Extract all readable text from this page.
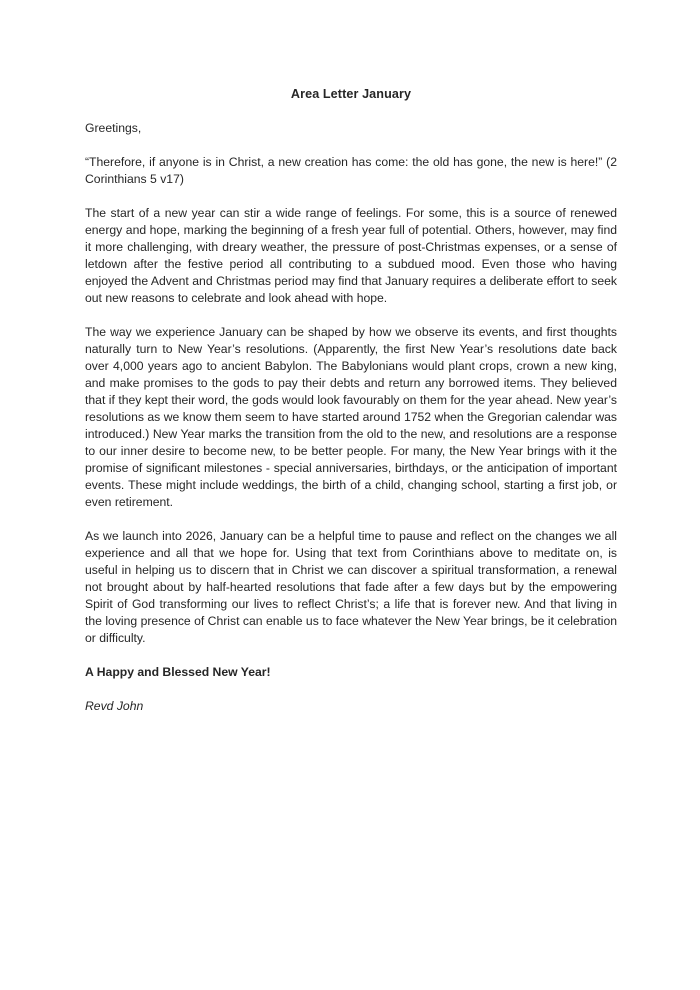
Area Letter January

Greetings,

“Therefore, if anyone is in Christ, a new creation has come: the old has gone, the new is here!” (2 Corinthians 5 v17)

The start of a new year can stir a wide range of feelings. For some, this is a source of renewed energy and hope, marking the beginning of a fresh year full of potential. Others, however, may find it more challenging, with dreary weather, the pressure of post-Christmas expenses, or a sense of letdown after the festive period all contributing to a subdued mood. Even those who having enjoyed the Advent and Christmas period may find that January requires a deliberate effort to seek out new reasons to celebrate and look ahead with hope.

The way we experience January can be shaped by how we observe its events, and first thoughts naturally turn to New Year’s resolutions. (Apparently, the first New Year’s resolutions date back over 4,000 years ago to ancient Babylon. The Babylonians would plant crops, crown a new king, and make promises to the gods to pay their debts and return any borrowed items. They believed that if they kept their word, the gods would look favourably on them for the year ahead. New year’s resolutions as we know them seem to have started around 1752 when the Gregorian calendar was introduced.) New Year marks the transition from the old to the new, and resolutions are a response to our inner desire to become new, to be better people. For many, the New Year brings with it the promise of significant milestones - special anniversaries, birthdays, or the anticipation of important events. These might include weddings, the birth of a child, changing school, starting a first job, or even retirement.

As we launch into 2026, January can be a helpful time to pause and reflect on the changes we all experience and all that we hope for. Using that text from Corinthians above to meditate on, is useful in helping us to discern that in Christ we can discover a spiritual transformation, a renewal not brought about by half-hearted resolutions that fade after a few days but by the empowering Spirit of God transforming our lives to reflect Christ’s; a life that is forever new. And that living in the loving presence of Christ can enable us to face whatever the New Year brings, be it celebration or difficulty.

A Happy and Blessed New Year!

Revd John
